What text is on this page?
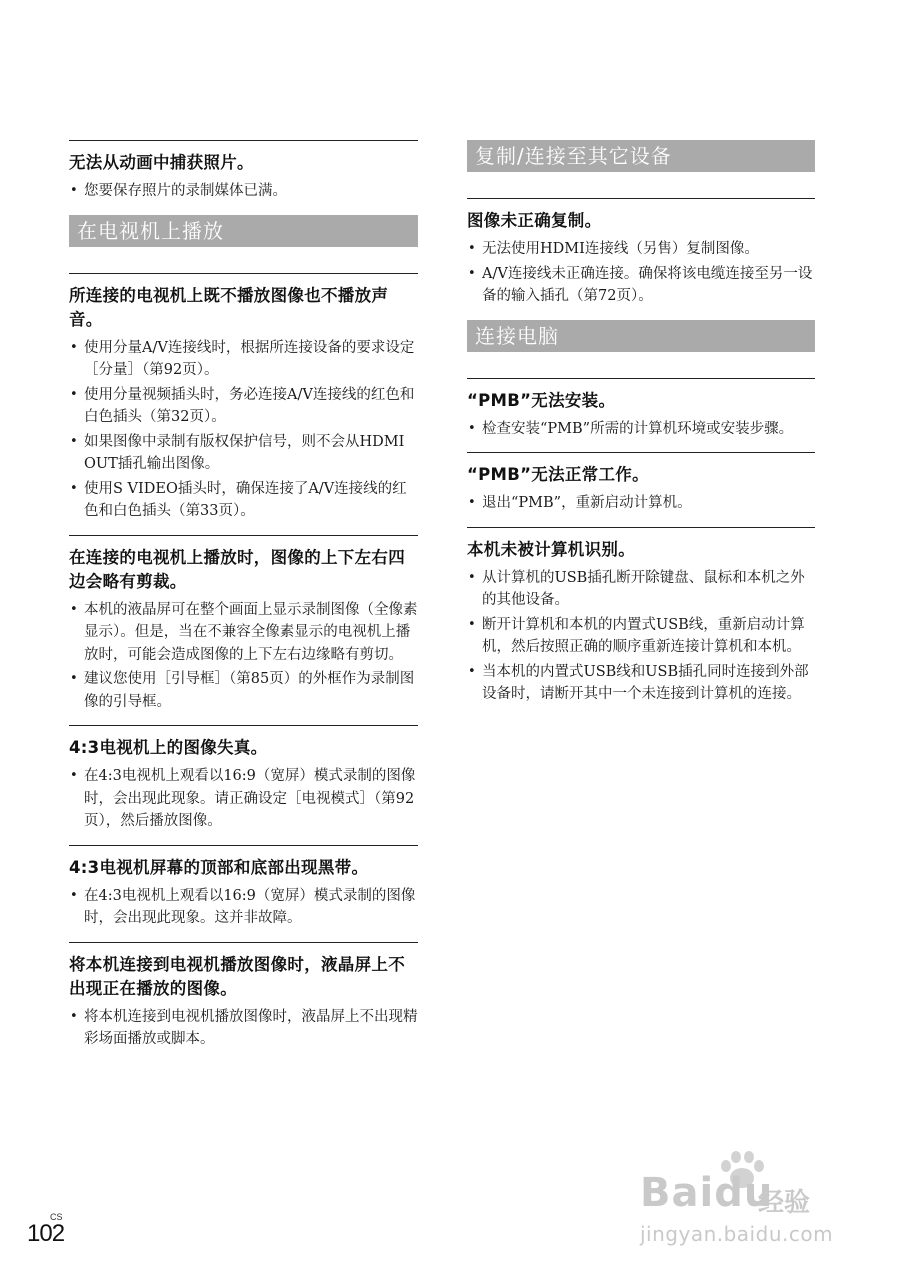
无法从动画中捕获照片。

• 您要保存照片的录制媒体已满。
在电视机上播放

所连接的电视机上既不播放图像也不播放声音。

• 使用分量A/V连接线时，根据所连接设备的要求设定［分量］（第92页）。
• 使用分量视频插头时，务必连接A/V连接线的红色和白色插头（第32页）。
• 如果图像中录制有版权保护信号，则不会从HDMI OUT插孔输出图像。
• 使用S VIDEO插头时，确保连接了A/V连接线的红色和白色插头（第33页）。

在连接的电视机上播放时，图像的上下左右四边会略有剪裁。

• 本机的液晶屏可在整个画面上显示录制图像（全像素显示）。但是，当在不兼容全像素显示的电视机上播放时，可能会造成图像的上下左右边缘略有剪切。
• 建议您使用［引导框］（第85页）的外框作为录制图像的引导框。

4:3电视机上的图像失真。

• 在4:3电视机上观看以16:9（宽屏）模式录制的图像时，会出现此现象。请正确设定［电视模式］（第92页），然后播放图像。

4:3电视机屏幕的顶部和底部出现黑带。

• 在4:3电视机上观看以16:9（宽屏）模式录制的图像时，会出现此现象。这并非故障。

将本机连接到电视机播放图像时，液晶屏上不出现正在播放的图像。

• 将本机连接到电视机播放图像时，液晶屏上不出现精彩场面播放或脚本。
复制/连接至其它设备

图像未正确复制。

• 无法使用HDMI连接线（另售）复制图像。
• A/V连接线未正确连接。确保将该电缆连接至另一设备的输入插孔（第72页）。
连接电脑

“PMB”无法安装。

• 检查安装“PMB”所需的计算机环境或安装步骤。

“PMB”无法正常工作。

• 退出“PMB”，重新启动计算机。

本机未被计算机识别。

• 从计算机的USB插孔断开除键盘、鼠标和本机之外的其他设备。
• 断开计算机和本机的内置式USB线，重新启动计算机，然后按照正确的顺序重新连接计算机和本机。
• 当本机的内置式USB线和USB插孔同时连接到外部设备时，请断开其中一个未连接到计算机的连接。
CS
102
Baidu
经验
jingyan.baidu.com
